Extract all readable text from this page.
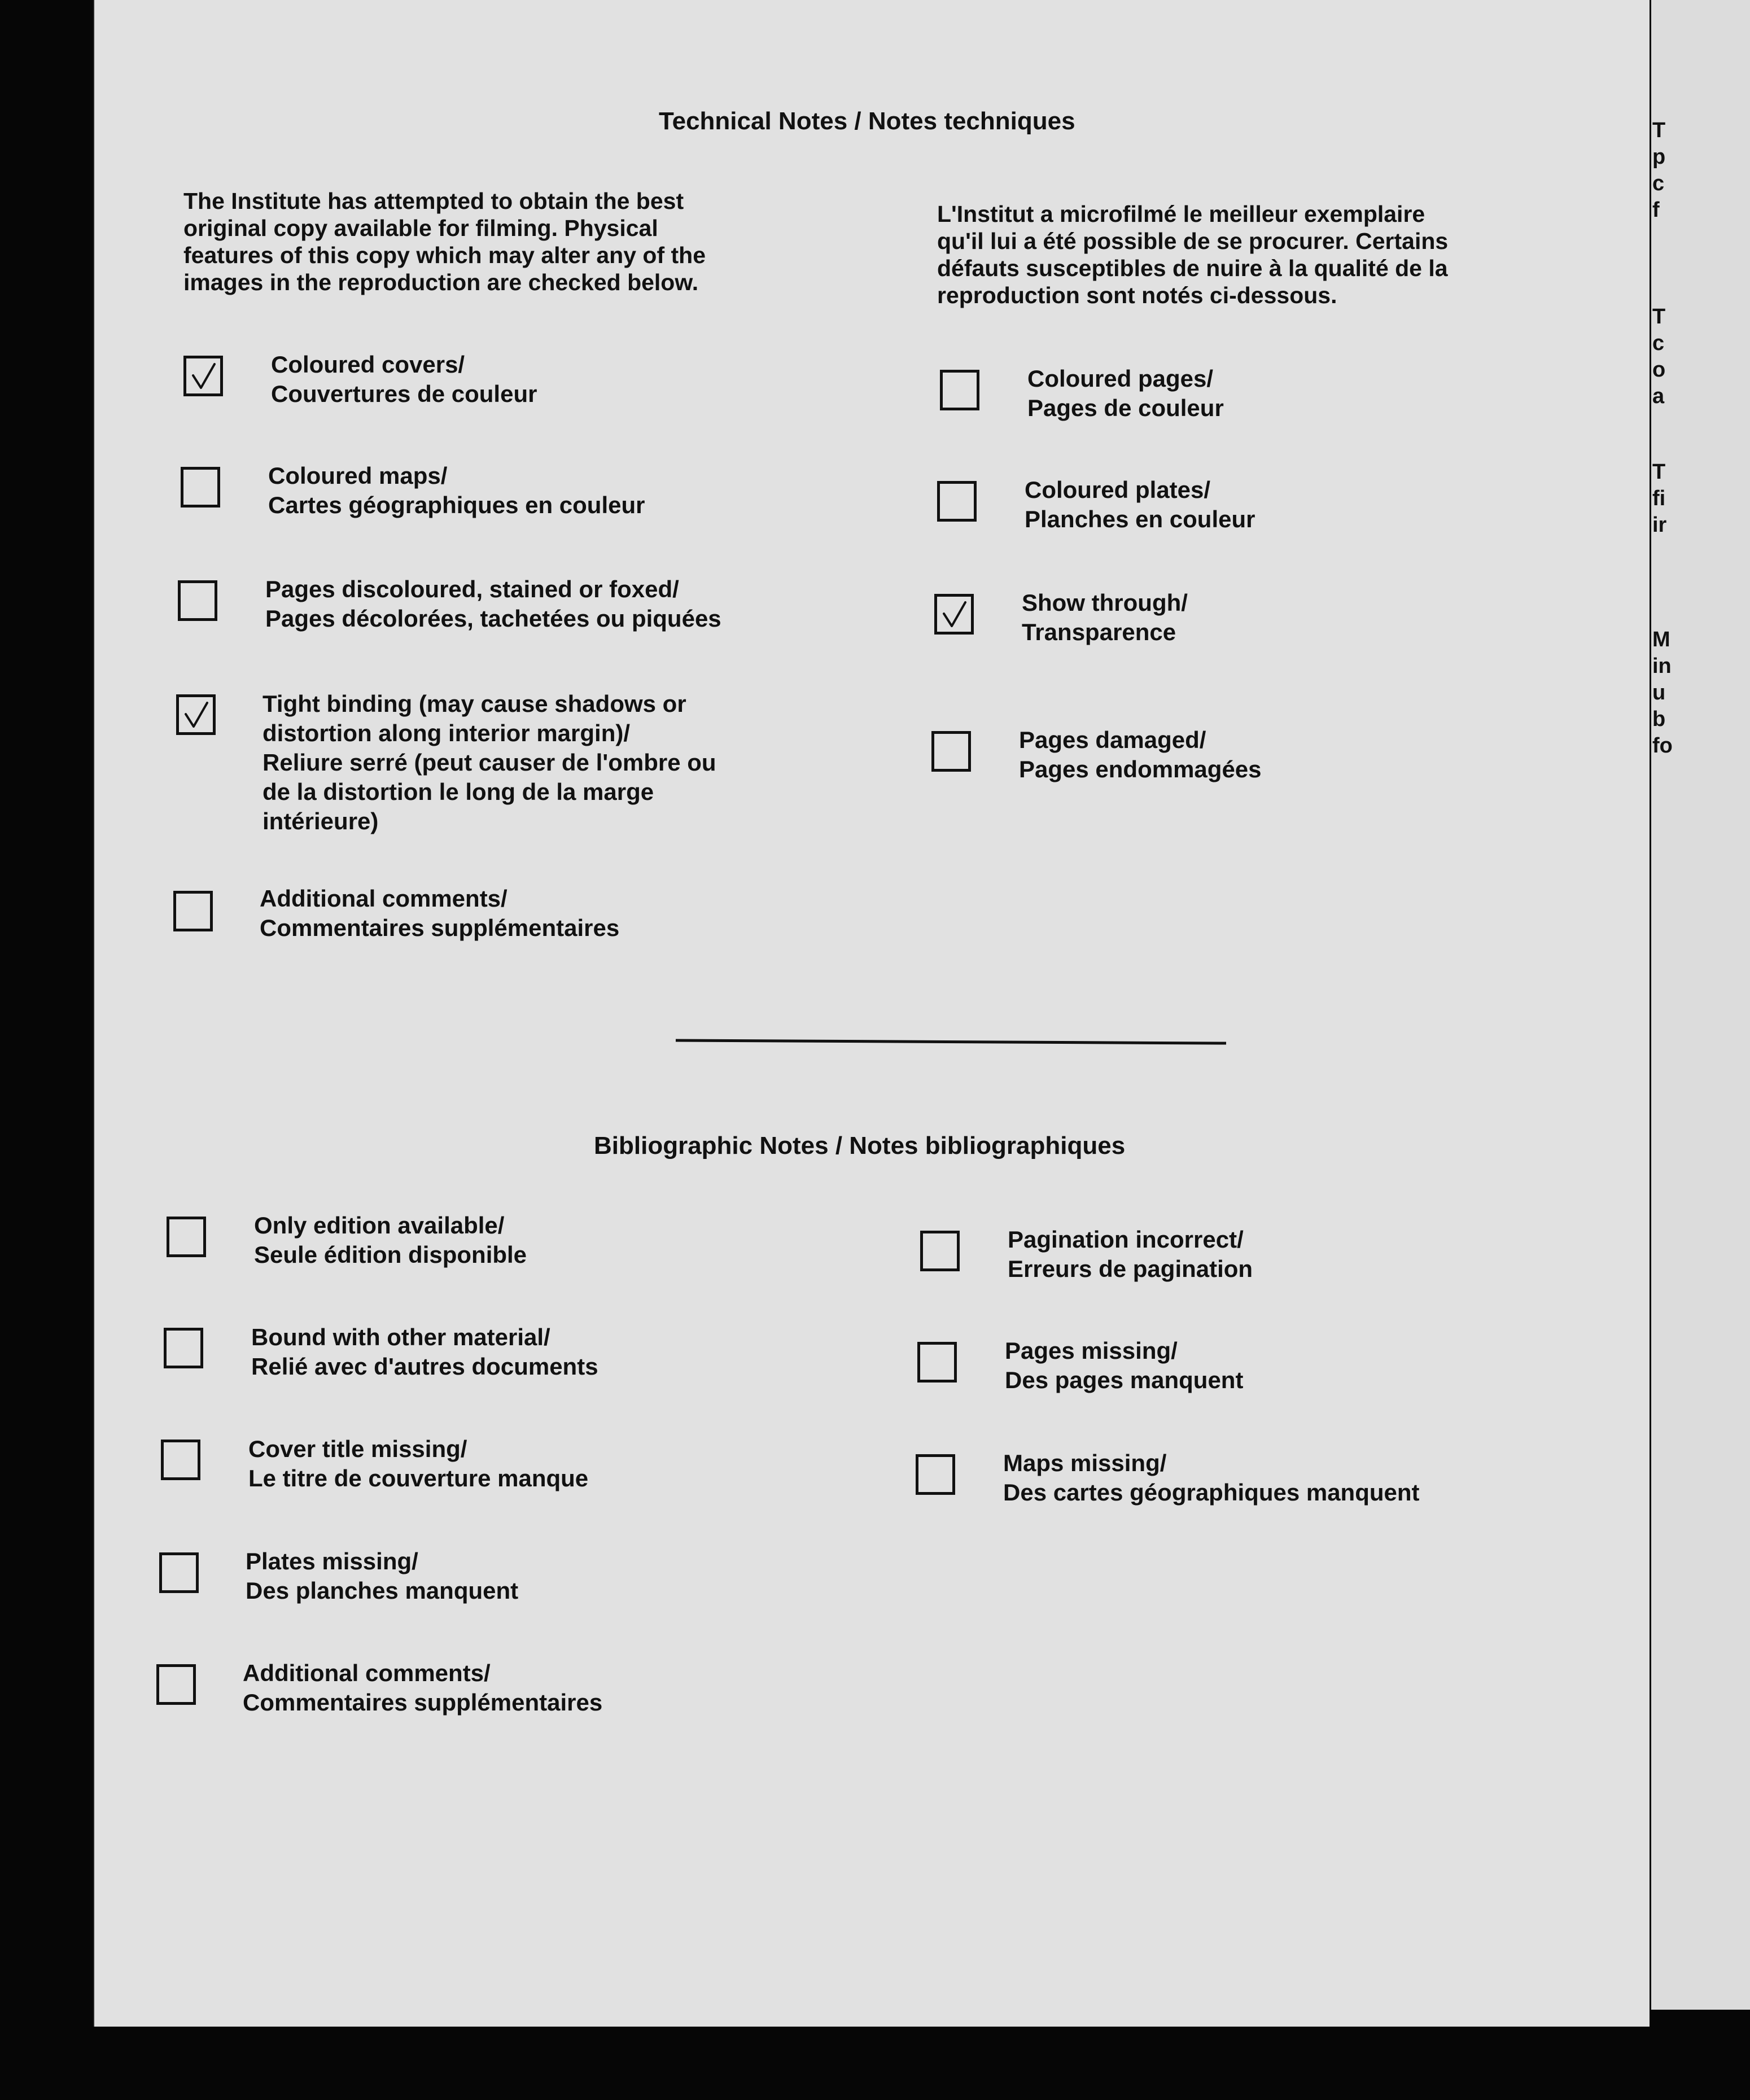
Technical Notes / Notes techniques
The Institute has attempted to obtain the best
original copy available for filming. Physical
features of this copy which may alter any of the
images in the reproduction are checked below.
L'Institut a microfilmé le meilleur exemplaire
qu'il lui a été possible de se procurer. Certains
défauts susceptibles de nuire à la qualité de la
reproduction sont notés ci-dessous.
Coloured covers/
Couvertures de couleur
Coloured maps/
Cartes géographiques en couleur
Pages discoloured, stained or foxed/
Pages décolorées, tachetées ou piquées
Tight binding (may cause shadows or
distortion along interior margin)/
Reliure serré (peut causer de l'ombre ou
de la distortion le long de la marge
intérieure)
Additional comments/
Commentaires supplémentaires
Coloured pages/
Pages de couleur
Coloured plates/
Planches en couleur
Show through/
Transparence
Pages damaged/
Pages endommagées
Bibliographic Notes / Notes bibliographiques
Only edition available/
Seule édition disponible
Bound with other material/
Relié avec d'autres documents
Cover title missing/
Le titre de couverture manque
Plates missing/
Des planches manquent
Additional comments/
Commentaires supplémentaires
Pagination incorrect/
Erreurs de pagination
Pages missing/
Des pages manquent
Maps missing/
Des cartes géographiques manquent
T
p
c
f
T
c
o
a
T
fi
ir
M
in
u
b
fo
